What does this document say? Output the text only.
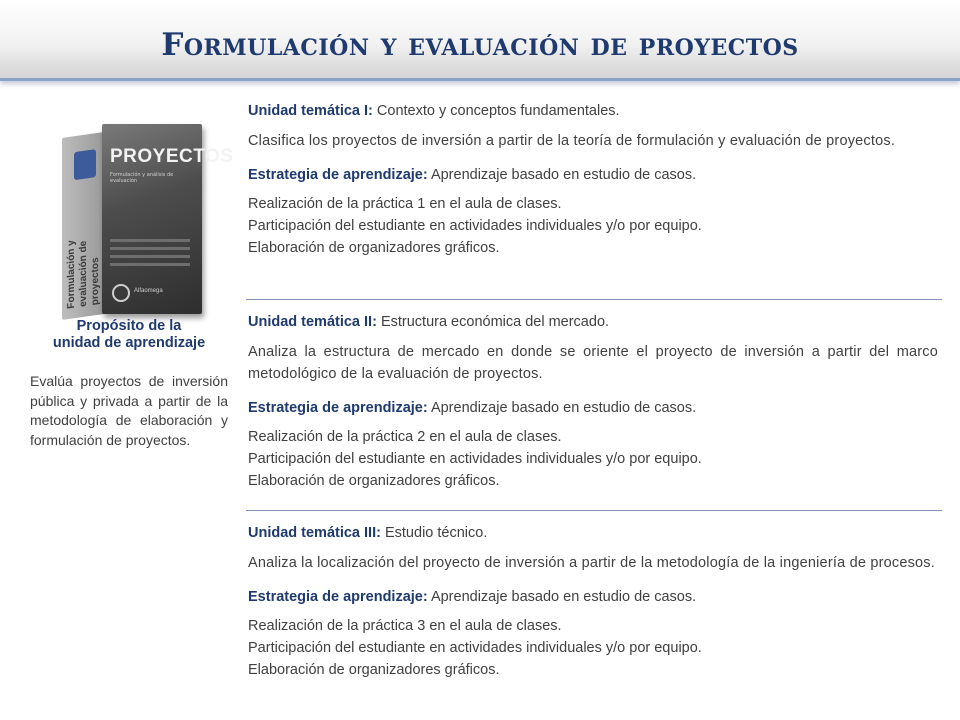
Formulación y evaluación de proyectos
Formulación y evaluación de proyectos
PROYECTOS
Formulación y análisis de evaluación
Alfaomega
Propósito de la
unidad de aprendizaje
Evalúa proyectos de inversión pública y privada a partir de la metodología de elaboración y formulación de proyectos.
Unidad temática I: Contexto y conceptos fundamentales.
Clasifica los proyectos de inversión a partir de la teoría de formulación y evaluación de proyectos.
Estrategia de aprendizaje: Aprendizaje basado en estudio de casos.
Realización de la práctica 1 en el aula de clases.
Participación del estudiante en actividades individuales y/o por equipo.
Elaboración de organizadores gráficos.
Unidad temática II: Estructura económica del mercado.
Analiza la estructura de mercado en donde se oriente el proyecto de inversión a partir del marco metodológico de la evaluación de proyectos.
Estrategia de aprendizaje: Aprendizaje basado en estudio de casos.
Realización de la práctica 2 en el aula de clases.
Participación del estudiante en actividades individuales y/o por equipo.
Elaboración de organizadores gráficos.
Unidad temática III: Estudio técnico.
Analiza la localización del proyecto de inversión a partir de la metodología de la ingeniería de procesos.
Estrategia de aprendizaje: Aprendizaje basado en estudio de casos.
Realización de la práctica 3 en el aula de clases.
Participación del estudiante en actividades individuales y/o por equipo.
Elaboración de organizadores gráficos.
